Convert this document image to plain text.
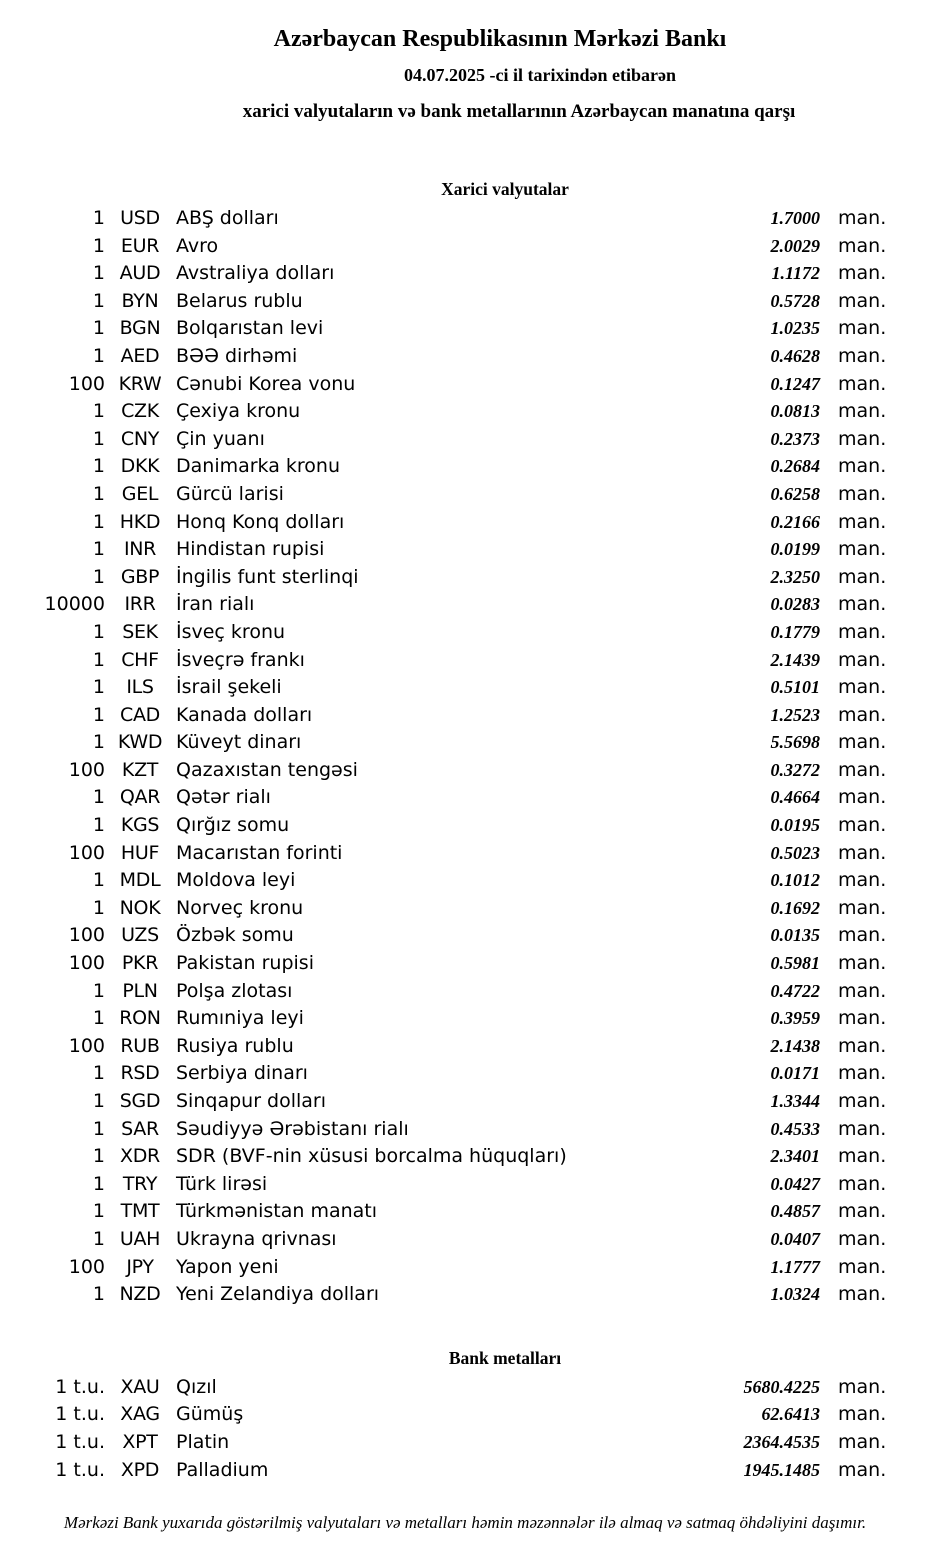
Azərbaycan Respublikasının Mərkəzi Bankı
04.07.2025 -ci il tarixindən etibarən
xarici valyutaların və bank metallarının Azərbaycan manatına qarşı
Xarici valyutalar
1 USD ABŞ dolları	1.7000 man.
1 EUR Avro	2.0029 man.
1 AUD Avstraliya dolları	1.1172 man.
1 BYN Belarus rublu	0.5728 man.
1 BGN Bolqarıstan levi	1.0235 man.
1 AED BƏƏ dirhəmi	0.4628 man.
100 KRW Cənubi Korea vonu	0.1247 man.
1 CZK Çexiya kronu	0.0813 man.
1 CNY Çin yuanı	0.2373 man.
1 DKK Danimarka kronu	0.2684 man.
1 GEL Gürcü larisi	0.6258 man.
1 HKD Honq Konq dolları	0.2166 man.
1 INR	Hindistan rupisi	0.0199 man.
1 GBP İngilis funt sterlinqi	2.3250 man.
10000	IRR	İran rialı	0.0283 man.
1 SEK İsveç kronu	0.1779 man.
1 CHF İsveçrə frankı	2.1439 man.
1	ILS	İsrail şekeli	0.5101 man.
1 CAD Kanada dolları	1.2523 man.
1 KWD Küveyt dinarı	5.5698 man.
100 KZT Qazaxıstan tengəsi	0.3272 man.
1 QAR Qətər rialı	0.4664 man.
1 KGS Qırğız somu	0.0195 man.
100 HUF Macarıstan forinti	0.5023 man.
1 MDL Moldova leyi	0.1012 man.
1 NOK Norveç kronu	0.1692 man.
100 UZS Özbək somu	0.0135 man.
100 PKR Pakistan rupisi	0.5981 man.
1 PLN Polşa zlotası	0.4722 man.
1 RON Rumıniya leyi	0.3959 man.
100 RUB Rusiya rublu	2.1438 man.
1 RSD Serbiya dinarı	0.0171 man.
1 SGD Sinqapur dolları	1.3344 man.
1 SAR Səudiyyə Ərəbistanı rialı	0.4533 man.
1 XDR SDR (BVF-nin xüsusi borcalma hüquqları)	2.3401 man.
1 TRY Türk lirəsi	0.0427 man.
1 TMT Türkmənistan manatı	0.4857 man.
1 UAH Ukrayna qrivnası	0.0407 man.
100	JPY	Yapon yeni	1.1777 man.
1 NZD Yeni Zelandiya dolları	1.0324 man.
Bank metalları
1 t.u. XAU Qızıl	5680.4225 man.
1 t.u. XAG Gümüş	62.6413 man.
1 t.u. XPT Platin	2364.4535 man.
1 t.u. XPD Palladium	1945.1485 man.
Mərkəzi Bank yuxarıda göstərilmiş valyutaları və metalları həmin məzənnələr ilə almaq və satmaq öhdəliyini daşımır.
